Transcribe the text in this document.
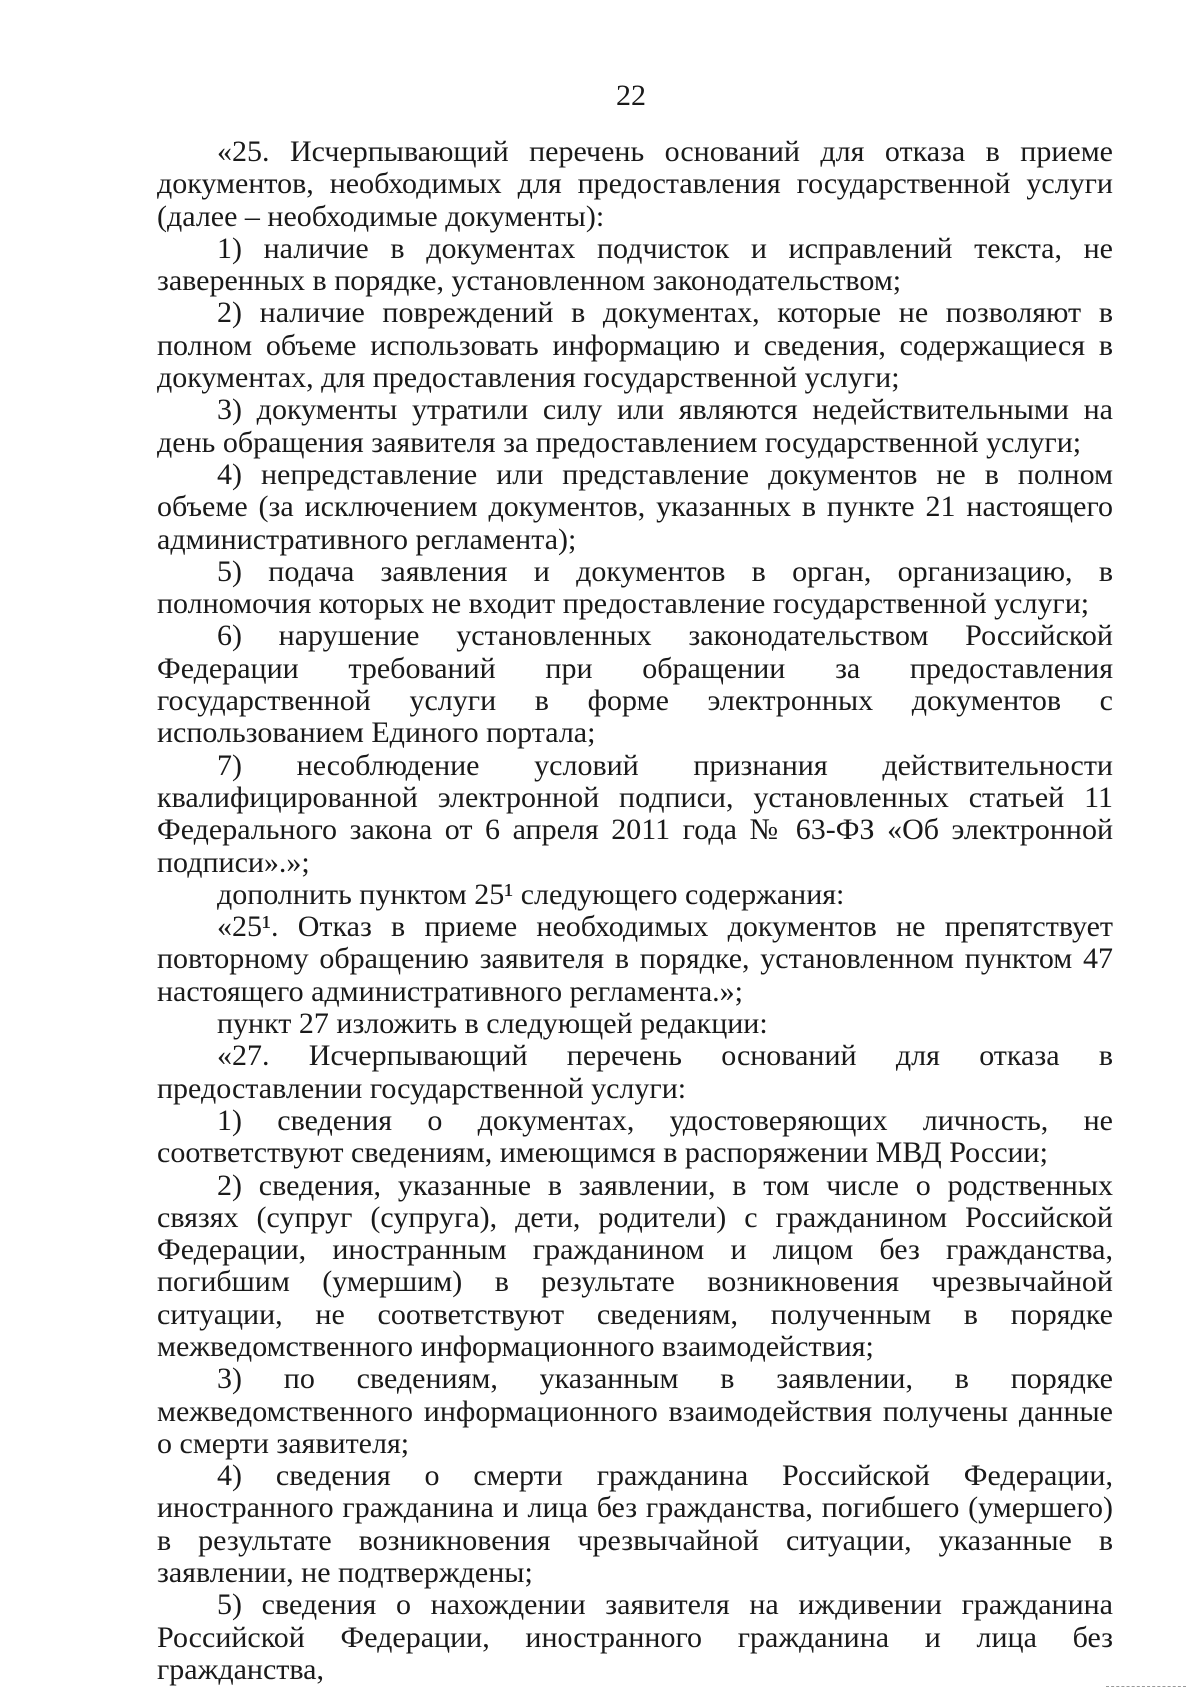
22

«25. Исчерпывающий перечень оснований для отказа в приеме документов, необходимых для предоставления государственной услуги (далее – необходимые документы):

1) наличие в документах подчисток и исправлений текста, не заверенных в порядке, установленном законодательством;

2) наличие повреждений в документах, которые не позволяют в полном объеме использовать информацию и сведения, содержащиеся в документах, для предоставления государственной услуги;

3) документы утратили силу или являются недействительными на день обращения заявителя за предоставлением государственной услуги;

4) непредставление или представление документов не в полном объеме (за исключением документов, указанных в пункте 21 настоящего административного регламента);

5) подача заявления и документов в орган, организацию, в полномочия которых не входит предоставление государственной услуги;

6) нарушение установленных законодательством Российской Федерации требований при обращении за предоставления государственной услуги в форме электронных документов с использованием Единого портала;

7) несоблюдение условий признания действительности квалифицированной электронной подписи, установленных статьей 11 Федерального закона от 6 апреля 2011 года № 63-ФЗ «Об электронной подписи».»;

дополнить пунктом 25¹ следующего содержания:

«25¹. Отказ в приеме необходимых документов не препятствует повторному обращению заявителя в порядке, установленном пунктом 47 настоящего административного регламента.»;

пункт 27 изложить в следующей редакции:

«27. Исчерпывающий перечень оснований для отказа в предоставлении государственной услуги:

1) сведения о документах, удостоверяющих личность, не соответствуют сведениям, имеющимся в распоряжении МВД России;

2) сведения, указанные в заявлении, в том числе о родственных связях (супруг (супруга), дети, родители) с гражданином Российской Федерации, иностранным гражданином и лицом без гражданства, погибшим (умершим) в результате возникновения чрезвычайной ситуации, не соответствуют сведениям, полученным в порядке межведомственного информационного взаимодействия;

3) по сведениям, указанным в заявлении, в порядке межведомственного информационного взаимодействия получены данные о смерти заявителя;

4) сведения о смерти гражданина Российской Федерации, иностранного гражданина и лица без гражданства, погибшего (умершего) в результате возникновения чрезвычайной ситуации, указанные в заявлении, не подтверждены;

5) сведения о нахождении заявителя на иждивении гражданина Российской Федерации, иностранного гражданина и лица без гражданства,
